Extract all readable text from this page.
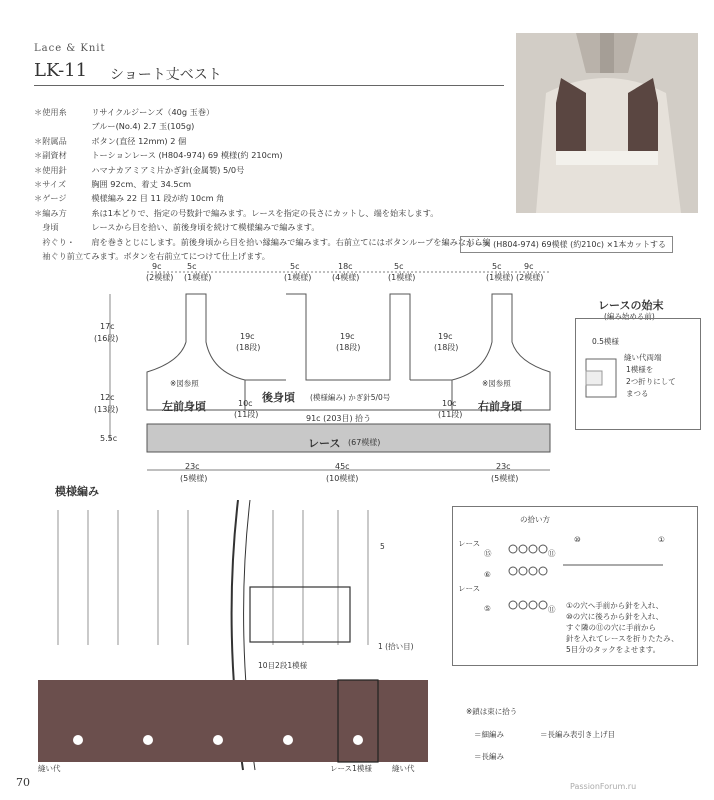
Lace & Knit
LK-11 ショート丈ベスト
＊使用糸	リサイクルジーンズ（40g 玉巻）
	ブルー(No.4) 2.7 玉(105g)
＊附属品	ボタン(直径 12mm) 2 個
＊副資材	トーションレース (H804-974) 69 模様(約 210cm)
＊使用針	ハマナカアミアミ片かぎ針(金属製) 5/0号
＊サイズ	胸囲 92cm、着丈 34.5cm
＊ゲージ	模様編み 22 目 11 段が約 10cm 角
＊編み方	糸は1本どりで、指定の号数針で編みます。レースを指定の長さにカットし、端を始末します。
　身頃	レースから目を拾い、前後身頃を続けて模様編みで編みます。
　衿ぐり・	肩を巻きとじにします。前後身頃から目を拾い縁編みで編みます。右前立てにはボタンループを編みながら編
　袖ぐり前立て	みます。ボタンを右前立てにつけて仕上げます。
レース (H804-974) 69模様 (約210c) ×1本カットする
9c
(2模様)
5c
(1模様)
5c
(1模様)
18c
(4模様)
5c
(1模様)
5c
(1模様)
9c
(2模様)
17c
(16段)
12c
(13段)
5.5c
19c
(18段)
19c
(18段)
19c
(18段)
10c
(11段)
10c
(11段)
※図参照	※図参照
左前身頃
後身頃 (模様編み) かぎ針5/0号
右前身頃
91c (203目) 拾う
レース (67模様)
23c
(5模様)
45c
(10模様)
23c
(5模様)
レースの始末
(編み始める前)
0.5模様
縫い代両端
1模様を
2つ折りにして
まつる
模様編み
5
1 (拾い目)
10目2段1模様
縫い代	レース1模様	縫い代
の拾い方
レース
レース
⑮
⑥
⑤
⑪
⑪
⑩	①
①の穴へ手前から針を入れ、
⑩の穴に後ろから針を入れ、
すぐ隣の⑪の穴に手前から
針を入れてレースを折りたたみ、
5目分のタックをよせます。
※鎖は束に拾う
＝細編み
＝長編み
＝長編み表引き上げ目
70	PassionForum.ru
